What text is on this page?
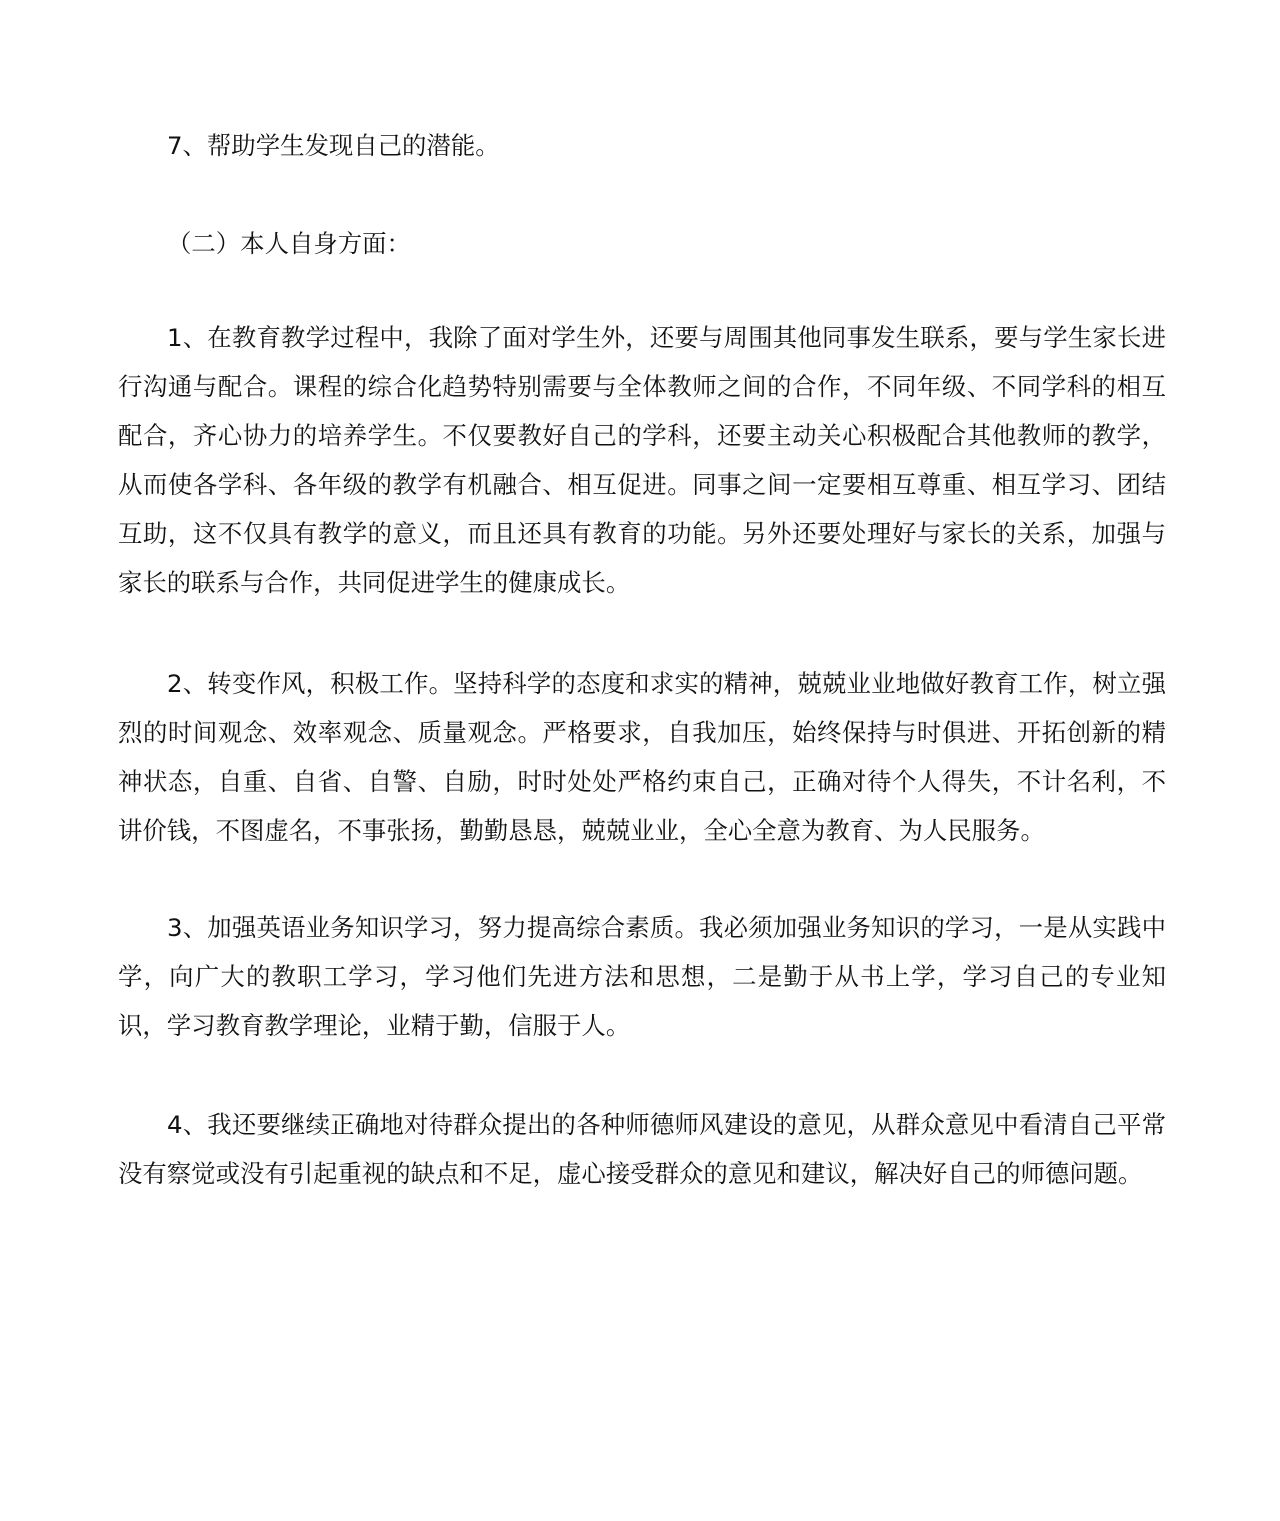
7、帮助学生发现自己的潜能。

（二）本人自身方面：

1、在教育教学过程中，我除了面对学生外，还要与周围其他同事发生联系，要与学生家长进行沟通与配合。课程的综合化趋势特别需要与全体教师之间的合作，不同年级、不同学科的相互配合，齐心协力的培养学生。不仅要教好自己的学科，还要主动关心积极配合其他教师的教学，从而使各学科、各年级的教学有机融合、相互促进。同事之间一定要相互尊重、相互学习、团结互助，这不仅具有教学的意义，而且还具有教育的功能。另外还要处理好与家长的关系，加强与家长的联系与合作，共同促进学生的健康成长。

2、转变作风，积极工作。坚持科学的态度和求实的精神，兢兢业业地做好教育工作，树立强烈的时间观念、效率观念、质量观念。严格要求，自我加压，始终保持与时俱进、开拓创新的精神状态，自重、自省、自警、自励，时时处处严格约束自己，正确对待个人得失，不计名利，不讲价钱，不图虚名，不事张扬，勤勤恳恳，兢兢业业，全心全意为教育、为人民服务。

3、加强英语业务知识学习，努力提高综合素质。我必须加强业务知识的学习，一是从实践中学，向广大的教职工学习，学习他们先进方法和思想，二是勤于从书上学，学习自己的专业知识，学习教育教学理论，业精于勤，信服于人。

4、我还要继续正确地对待群众提出的各种师德师风建设的意见，从群众意见中看清自己平常没有察觉或没有引起重视的缺点和不足，虚心接受群众的意见和建议，解决好自己的师德问题。
